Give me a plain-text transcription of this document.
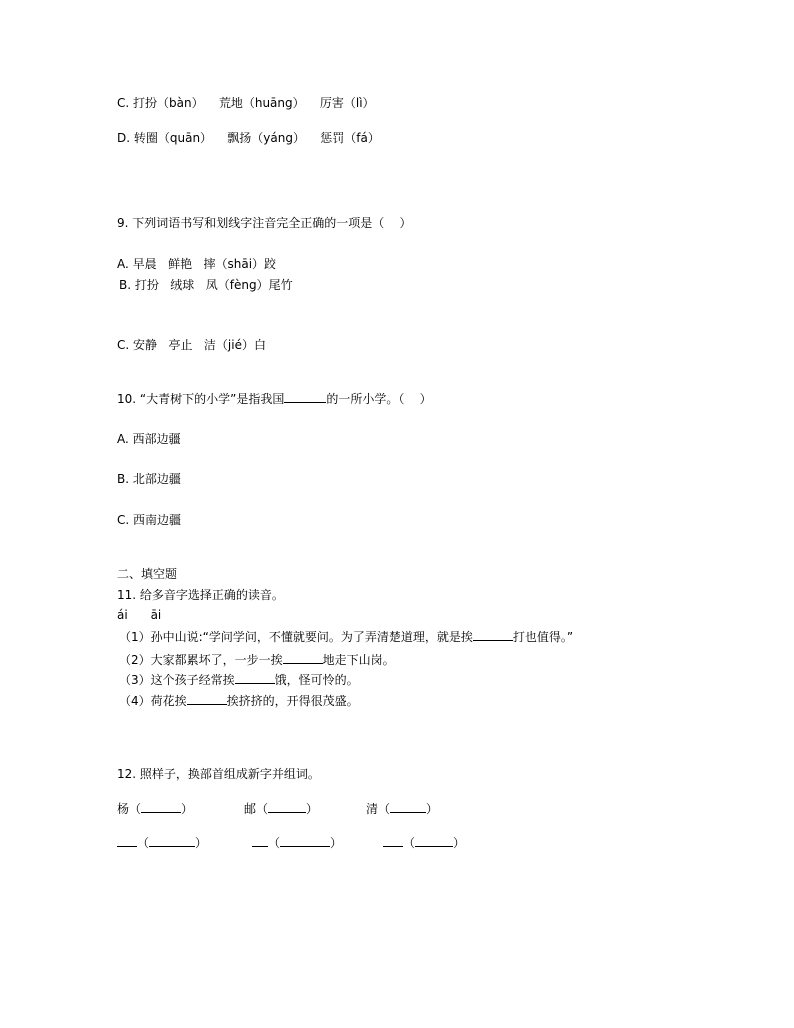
C. 打扮（bàn）    荒地（huāng）    厉害（lì）
D. 转圈（quān）    飘扬（yáng）    惩罚（fá）
9. 下列词语书写和划线字注音完全正确的一项是（    ）
A. 早晨   鲜艳   摔（shāi）跤
B. 打扮   绒球   凤（fèng）尾竹
C. 安静   亭止   洁（jié）白
10. “大青树下的小学”是指我国	的一所小学。（    ）
A. 西部边疆
B. 北部边疆
C. 西南边疆
二、填空题
11. 给多音字选择正确的读音。
ái      āi
（1）孙中山说:“学问学问，不懂就要问。为了弄清楚道理，就是挨	打也值得。”
（2）大家都累坏了，一步一挨	地走下山岗。
（3）这个孩子经常挨	饿，怪可怜的。
（4）荷花挨	挨挤挤的，开得很茂盛。
12. 照样子，换部首组成新字并组词。
杨（	）	邮（	）	清（	）
（	）	（	）	（	）
